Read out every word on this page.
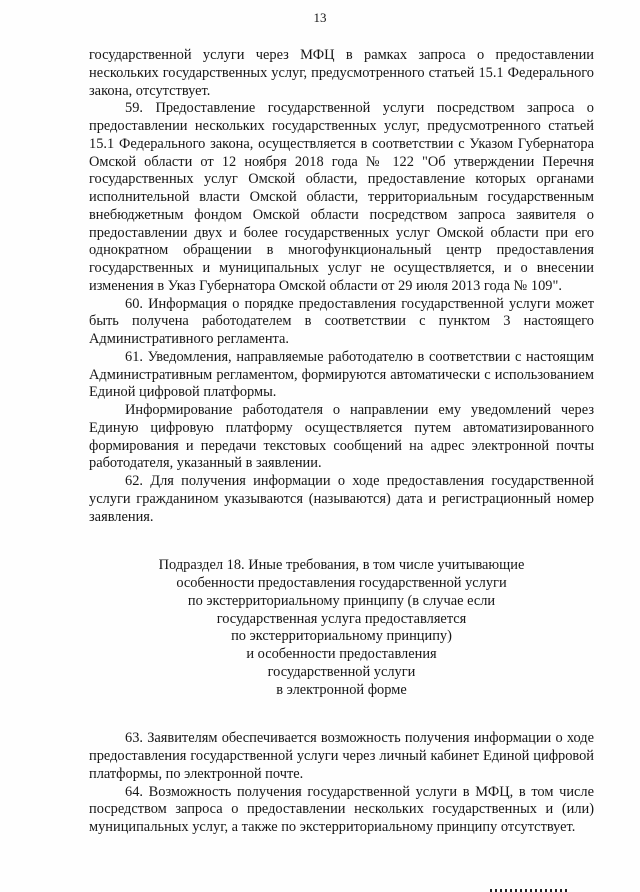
13

государственной услуги через МФЦ в рамках запроса о предоставлении нескольких государственных услуг, предусмотренного статьей 15.1 Федерального закона, отсутствует.

59. Предоставление государственной услуги посредством запроса о предоставлении нескольких государственных услуг, предусмотренного статьей 15.1 Федерального закона, осуществляется в соответствии с Указом Губернатора Омской области от 12 ноября 2018 года № 122 "Об утверждении Перечня государственных услуг Омской области, предоставление которых органами исполнительной власти Омской области, территориальным государственным внебюджетным фондом Омской области посредством запроса заявителя о предоставлении двух и более государственных услуг Омской области при его однократном обращении в многофункциональный центр предоставления государственных и муниципальных услуг не осуществляется, и о внесении изменения в Указ Губернатора Омской области от 29 июля 2013 года № 109".

60. Информация о порядке предоставления государственной услуги может быть получена работодателем в соответствии с пунктом 3 настоящего Административного регламента.

61. Уведомления, направляемые работодателю в соответствии с настоящим Административным регламентом, формируются автоматически с использованием Единой цифровой платформы.

Информирование работодателя о направлении ему уведомлений через Единую цифровую платформу осуществляется путем автоматизированного формирования и передачи текстовых сообщений на адрес электронной почты работодателя, указанный в заявлении.

62. Для получения информации о ходе предоставления государственной услуги гражданином указываются (называются) дата и регистрационный номер заявления.

Подраздел 18. Иные требования, в том числе учитывающие
особенности предоставления государственной услуги
по экстерриториальному принципу (в случае если
государственная услуга предоставляется
по экстерриториальному принципу)
и особенности предоставления
государственной услуги
в электронной форме

63. Заявителям обеспечивается возможность получения информации о ходе предоставления государственной услуги через личный кабинет Единой цифровой платформы, по электронной почте.

64. Возможность получения государственной услуги в МФЦ, в том числе посредством запроса о предоставлении нескольких государственных и (или) муниципальных услуг, а также по экстерриториальному принципу отсутствует.
